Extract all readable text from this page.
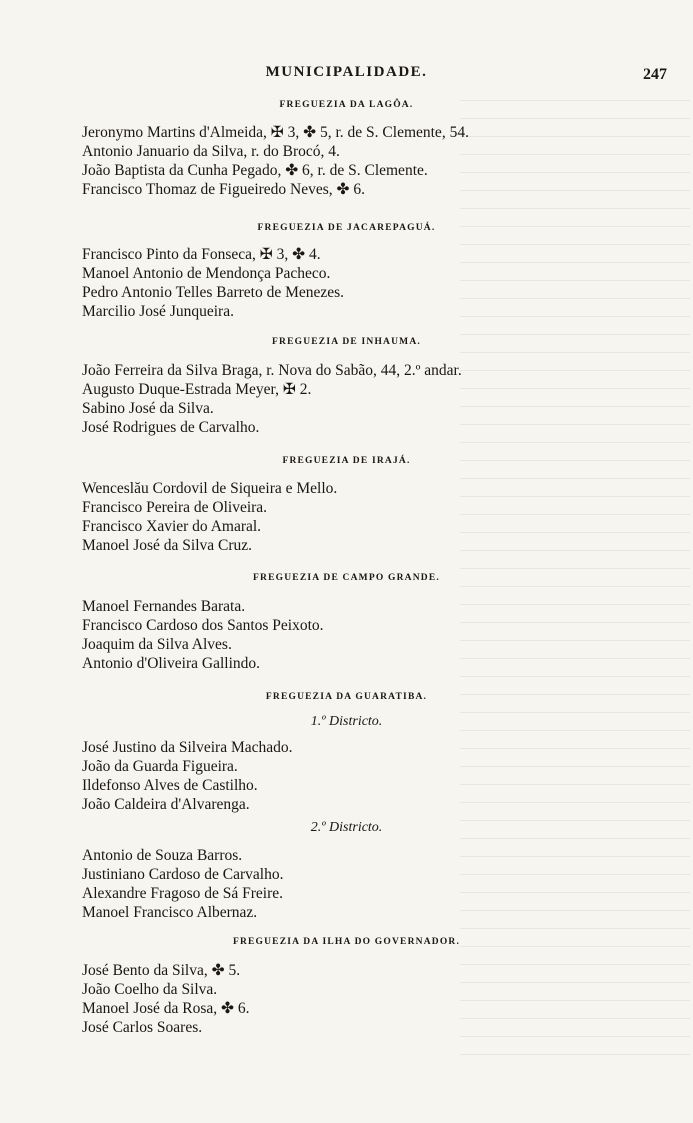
MUNICIPALIDADE.	247
FREGUEZIA DA LAGÔA.
Jeronymo Martins d'Almeida, ✠ 3, ✤ 5, r. de S. Clemente, 54.
Antonio Januario da Silva, r. do Brocó, 4.
João Baptista da Cunha Pegado, ✤ 6, r. de S. Clemente.
Francisco Thomaz de Figueiredo Neves, ✤ 6.
FREGUEZIA DE JACAREPAGUÁ.
Francisco Pinto da Fonseca, ✠ 3, ✤ 4.
Manoel Antonio de Mendonça Pacheco.
Pedro Antonio Telles Barreto de Menezes.
Marcilio José Junqueira.
FREGUEZIA DE INHAUMA.
João Ferreira da Silva Braga, r. Nova do Sabão, 44, 2.º andar.
Augusto Duque-Estrada Meyer, ✠ 2.
Sabino José da Silva.
José Rodrigues de Carvalho.
FREGUEZIA DE IRAJÁ.
Wenceslău Cordovil de Siqueira e Mello.
Francisco Pereira de Oliveira.
Francisco Xavier do Amaral.
Manoel José da Silva Cruz.
FREGUEZIA DE CAMPO GRANDE.
Manoel Fernandes Barata.
Francisco Cardoso dos Santos Peixoto.
Joaquim da Silva Alves.
Antonio d'Oliveira Gallindo.
FREGUEZIA DA GUARATIBA.
1.º Districto.
José Justino da Silveira Machado.
João da Guarda Figueira.
Ildefonso Alves de Castilho.
João Caldeira d'Alvarenga.
2.º Districto.
Antonio de Souza Barros.
Justiniano Cardoso de Carvalho.
Alexandre Fragoso de Sá Freire.
Manoel Francisco Albernaz.
FREGUEZIA DA ILHA DO GOVERNADOR.
José Bento da Silva, ✤ 5.
João Coelho da Silva.
Manoel José da Rosa, ✤ 6.
José Carlos Soares.
